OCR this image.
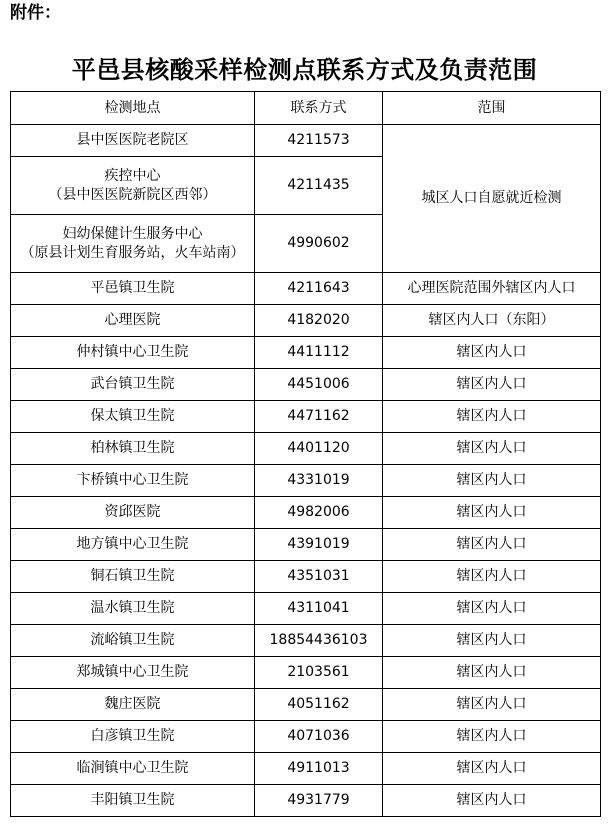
附件：
平邑县核酸采样检测点联系方式及负责范围
检测地点	联系方式	范围

县中医医院老院区	4211573	城区人口自愿就近检测

疾控中心
（县中医医院新院区西邻）	4211435	

妇幼保健计生服务中心
（原县计划生育服务站，火车站南）	4990602	
平邑镇卫生院	4211643	心理医院范围外辖区内人口
心理医院	4182020	辖区内人口（东阳）
仲村镇中心卫生院	4411112	辖区内人口
武台镇卫生院	4451006	辖区内人口
保太镇卫生院	4471162	辖区内人口
柏林镇卫生院	4401120	辖区内人口
卞桥镇中心卫生院	4331019	辖区内人口
资邱医院	4982006	辖区内人口
地方镇中心卫生院	4391019	辖区内人口
铜石镇卫生院	4351031	辖区内人口
温水镇卫生院	4311041	辖区内人口
流峪镇卫生院	18854436103	辖区内人口
郑城镇中心卫生院	2103561	辖区内人口
魏庄医院	4051162	辖区内人口
白彦镇卫生院	4071036	辖区内人口
临涧镇中心卫生院	4911013	辖区内人口
丰阳镇卫生院	4931779	辖区内人口
